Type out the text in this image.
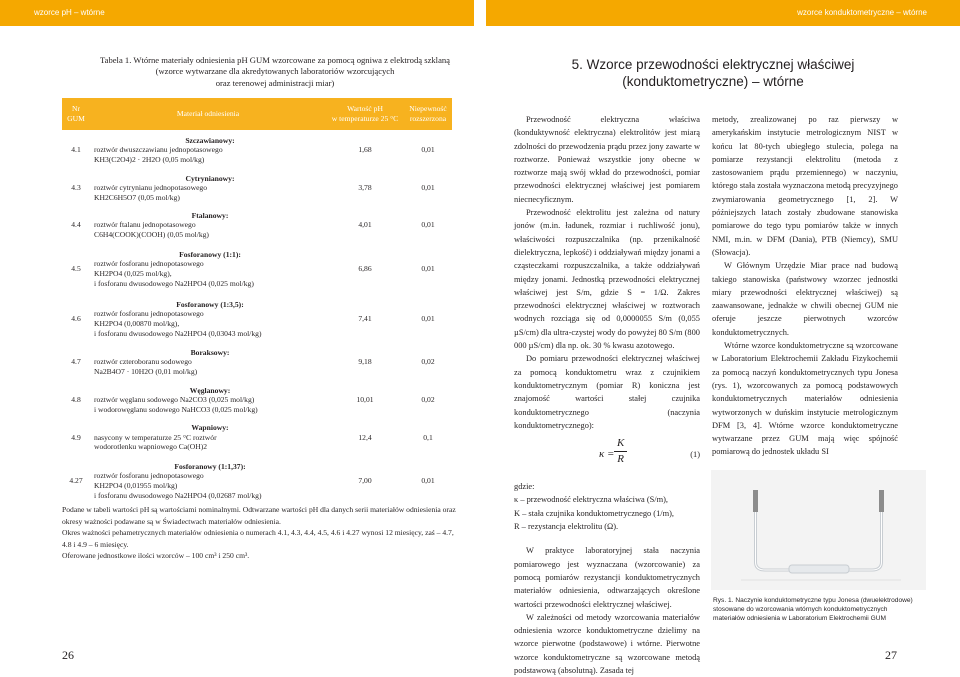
wzorce pH – wtórne	wzorce konduktometryczne – wtórne
Tabela 1. Wtórne materiały odniesienia pH GUM wzorcowane za pomocą ogniwa z elektrodą szklaną
(wzorce wytwarzane dla akredytowanych laboratoriów wzorcujących
oraz terenowej administracji miar)
Nr
GUM	Materiał odniesienia	Wartość pH
w temperaturze 25 °C	Niepewność
rozszerzona
4.1	Szczawianowy:
roztwór dwuszczawianu jednopotasowego
KH3(C2O4)2 · 2H2O (0,05 mol/kg)	1,68	0,01
4.3	Cytrynianowy:
roztwór cytrynianu jednopotasowego
KH2C6H5O7 (0,05 mol/kg)	3,78	0,01
4.4	Ftalanowy:
roztwór ftalanu jednopotasowego
C6H4(COOK)(COOH) (0,05 mol/kg)	4,01	0,01
4.5	Fosforanowy (1:1):
roztwór fosforanu jednopotasowego
KH2PO4 (0,025 mol/kg),
i fosforanu dwusodowego Na2HPO4 (0,025 mol/kg)	6,86	0,01
4.6	Fosforanowy (1:3,5):
roztwór fosforanu jednopotasowego
KH2PO4 (0,00870 mol/kg),
i fosforanu dwusodowego Na2HPO4 (0,03043 mol/kg)	7,41	0,01
4.7	Boraksowy:
roztwór czteroboranu sodowego
Na2B4O7 · 10H2O (0,01 mol/kg)	9,18	0,02
4.8	Węglanowy:
roztwór węglanu sodowego Na2CO3 (0,025 mol/kg)
i wodorowęglanu sodowego NaHCO3 (0,025 mol/kg)	10,01	0,02
4.9	Wapniowy:
nasycony w temperaturze 25 °C roztwór
wodorotlenku wapniowego Ca(OH)2	12,4	0,1
4.27	Fosforanowy (1:1,37):
roztwór fosforanu jednopotasowego
KH2PO4 (0,01955 mol/kg)
i fosforanu dwusodowego Na2HPO4 (0,02687 mol/kg)	7,00	0,01

Podane w tabeli wartości pH są wartościami nominalnymi. Odtwarzane wartości pH dla danych serii materiałów odniesienia oraz okresy ważności podawane są w Świadectwach materiałów odniesienia.

Okres ważności pehametrycznych materiałów odniesienia o numerach 4.1, 4.3, 4.4, 4.5, 4.6 i 4.27 wynosi 12 miesięcy, zaś – 4.7, 4.8 i 4.9 – 6 miesięcy.

Oferowane jednostkowe ilości wzorców – 100 cm³ i 250 cm³.

26
5. Wzorce przewodności elektrycznej właściwej
(konduktometryczne) – wtórne

Przewodność elektryczna właściwa (konduktywność elektryczna) elektrolitów jest miarą zdolności do przewodzenia prądu przez jony zawarte w roztworze. Ponieważ wszystkie jony obecne w roztworze mają swój wkład do przewodności, pomiar przewodności elektrycznej właściwej jest pomiarem nieспecyficznym.

Przewodność elektrolitu jest zależna od natury jonów (m.in. ładunek, rozmiar i ruchliwość jonu), właściwości rozpuszczalnika (np. przenikalność dielektryczna, lepkość) i oddziaływań między jonami a cząsteczkami rozpuszczalnika, a także oddziaływań między jonami. Jednostką przewodności elektrycznej właściwej jest S/m, gdzie S = 1/Ω. Zakres przewodności elektrycznej właściwej w roztworach wodnych rozciąga się od 0,0000055 S/m (0,055 µS/cm) dla ultra-czystej wody do powyżej 80 S/m (800 000 µS/cm) dla np. ok. 30 % kwasu azotowego.

Do pomiaru przewodności elektrycznej właściwej za pomocą konduktometru wraz z czujnikiem konduktometrycznym (pomiar R) koniczna jest znajomość wartości stałej czujnika konduktometrycznego (naczynia konduktometrycznego):

$\kappa = \frac{K}{R}$	(1)

gdzie:

κ – przewodność elektryczna właściwa (S/m),

K – stała czujnika konduktometrycznego (1/m),

R – rezystancja elektrolitu (Ω).

W praktyce laboratoryjnej stała naczynia pomiarowego jest wyznaczana (wzorcowanie) za pomocą pomiarów rezystancji konduktometrycznych materiałów odniesienia, odtwarzających określone wartości przewodności elektrycznej właściwej.

W zależności od metody wzorcowania materiałów odniesienia wzorce konduktometryczne dzielimy na wzorce pierwotne (podstawowe) i wtórne. Pierwotne wzorce konduktometryczne są wzorcowane metodą podstawową (absolutną). Zasada tej

metody, zrealizowanej po raz pierwszy w amerykańskim instytucie metrologicznym NIST w końcu lat 80-tych ubiegłego stulecia, polega na pomiarze rezystancji elektrolitu (metoda z zastosowaniem prądu przemiennego) w naczyniu, którego stała została wyznaczona metodą precyzyjnego zwymiarowania geometrycznego [1, 2]. W późniejszych latach zostały zbudowane stanowiska pomiarowe do tego typu pomiarów także w innych NMI, m.in. w DFM (Dania), PTB (Niemcy), SMU (Słowacja).

W Głównym Urzędzie Miar prace nad budową takiego stanowiska (państwowy wzorzec jednostki miary przewodności elektrycznej właściwej) są zaawansowane, jednakże w chwili obecnej GUM nie oferuje jeszcze pierwotnych wzorców konduktometrycznych.

Wtórne wzorce konduktometryczne są wzorcowane w Laboratorium Elektrochemii Zakładu Fizykochemii za pomocą naczyń konduktometrycznych typu Jonesa (rys. 1), wzorcowanych za pomocą podstawowych konduktometrycznych materiałów odniesienia wytworzonych w duńskim instytucie metrologicznym DFM [3, 4]. Wtórne wzorce konduktometryczne wytwarzane przez GUM mają więc spójność pomiarową do jednostek układu SI

Rys. 1. Naczynie konduktometryczne typu Jonesa (dwuelektrodowe) stosowane do wzorcowania wtórnych konduktometrycznych materiałów odniesienia w Laboratorium Elektrochemii GUM
27
